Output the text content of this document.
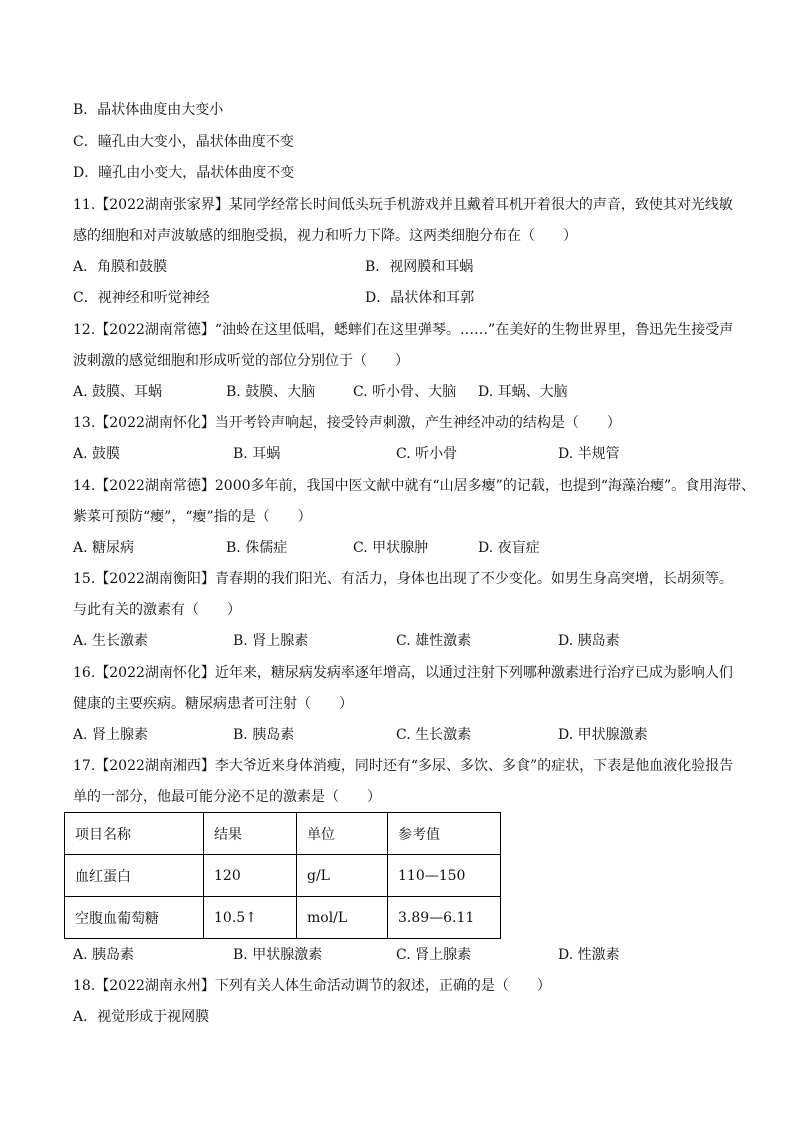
B．晶状体曲度由大变小
C．瞳孔由大变小，晶状体曲度不变
D．瞳孔由小变大，晶状体曲度不变
11.【2022湖南张家界】某同学经常长时间低头玩手机游戏并且戴着耳机开着很大的声音，致使其对光线敏
感的细胞和对声波敏感的细胞受损，视力和听力下降。这两类细胞分布在（　　）
A．角膜和鼓膜	B．视网膜和耳蜗
C．视神经和听觉神经	D．晶状体和耳郭
12.【2022湖南常德】“油蛉在这里低唱，蟋蟀们在这里弹琴。……”在美好的生物世界里，鲁迅先生接受声
波刺激的感觉细胞和形成听觉的部位分别位于（　　）
A. 鼓膜、耳蜗	B. 鼓膜、大脑	C. 听小骨、大脑 D. 耳蜗、大脑
13.【2022湖南怀化】当开考铃声响起，接受铃声刺激，产生神经冲动的结构是（　　）
A. 鼓膜	B. 耳蜗	C. 听小骨	D. 半规管
14.【2022湖南常德】2000多年前，我国中医文献中就有“山居多瘿”的记载，也提到“海藻治瘿”。食用海带、
紫菜可预防“瘿”，“瘿”指的是（　　）
A. 糖尿病	B. 侏儒症	C. 甲状腺肿	D. 夜盲症
15.【2022湖南衡阳】青春期的我们阳光、有活力，身体也出现了不少变化。如男生身高突增，长胡须等。
与此有关的激素有（　　）
A. 生长激素	B. 肾上腺素	C. 雄性激素	D. 胰岛素
16.【2022湖南怀化】近年来，糖尿病发病率逐年增高，以通过注射下列哪种激素进行治疗已成为影响人们
健康的主要疾病。糖尿病患者可注射（　　）
A. 肾上腺素	B. 胰岛素	C. 生长激素	D. 甲状腺激素
17.【2022湖南湘西】李大爷近来身体消瘦，同时还有“多尿、多饮、多食”的症状，下表是他血液化验报告
单的一部分，他最可能分泌不足的激素是（　　）
项目名称	结果	单位	参考值
血红蛋白	120	g/L	110—150
空腹血葡萄糖	10.5↑	mol/L	3.89—6.11
A. 胰岛素	B. 甲状腺激素	C. 肾上腺素	D. 性激素
18.【2022湖南永州】下列有关人体生命活动调节的叙述，正确的是（　　）
A．视觉形成于视网膜
